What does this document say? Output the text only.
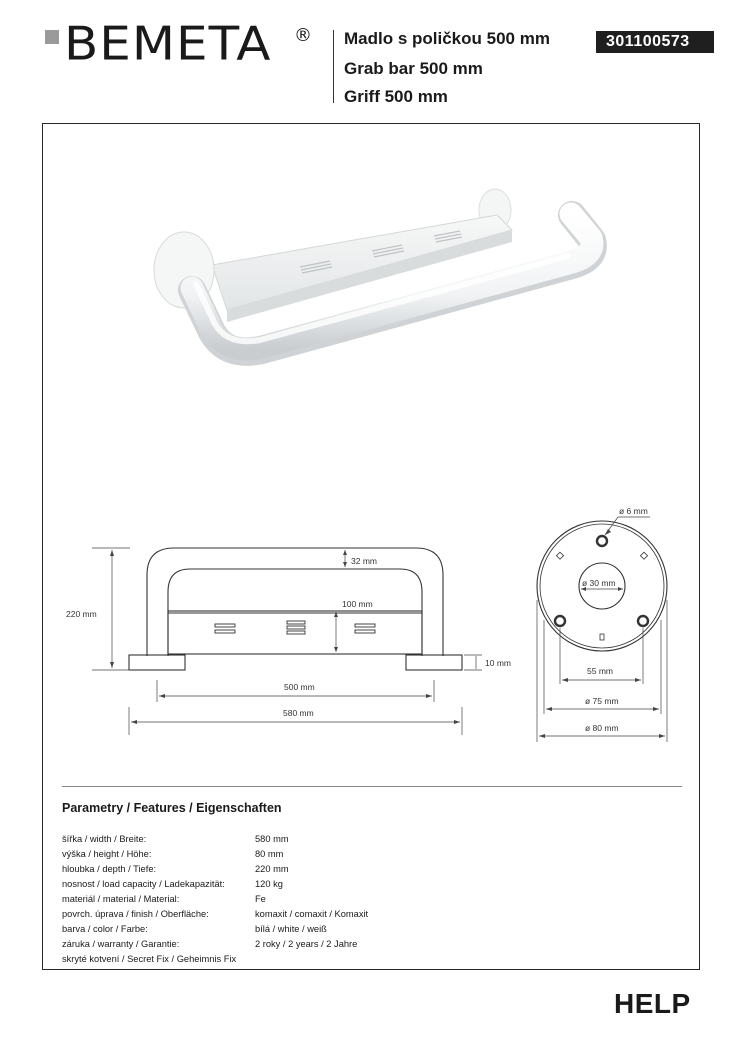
BEMETA ® Madlo s poličkou 500 mm
Grab bar 500 mm
Griff 500 mm
301100573
220 mm
32 mm
100 mm
10 mm
500 mm
580 mm
ø 6 mm
ø 30 mm
55 mm
ø 75 mm
ø 80 mm
Parametry / Features / Eigenschaften
šířka / width / Breite:	580 mm
výška / height / Höhe:	80 mm
hloubka / depth / Tiefe:	220 mm
nosnost / load capacity / Ladekapazität:	120 kg
materiál / material / Material:	Fe
povrch. úprava / finish / Oberfläche:	komaxit / comaxit / Komaxit
barva / color / Farbe:	bílá / white / weiß
záruka / warranty / Garantie:	2 roky / 2 years / 2 Jahre
skryté kotvení / Secret Fix / Geheimnis Fix
HELP
